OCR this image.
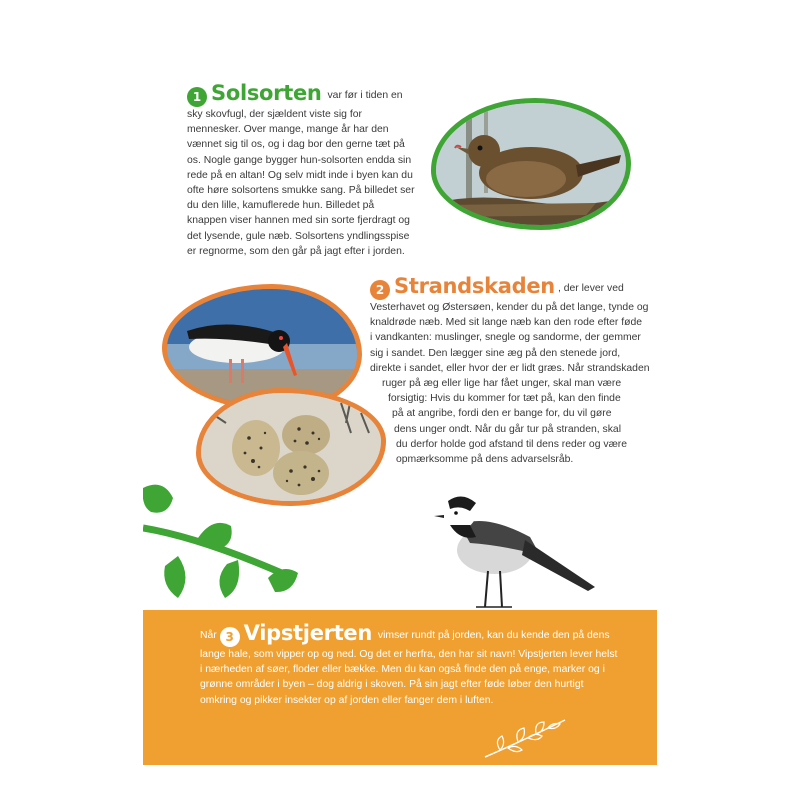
1 Solsorten var før i tiden en sky skovfugl, der sjældent viste sig for mennesker. Over mange, mange år har den vænnet sig til os, og i dag bor den gerne tæt på os. Nogle gange bygger hun-solsorten endda sin rede på en altan! Og selv midt inde i byen kan du ofte høre solsortens smukke sang. På billedet ser du den lille, kamuflerede hun. Billedet på knappen viser hannen med sin sorte fjerdragt og det lysende, gule næb. Solsortens yndlingsspise er regnorme, som den går på jagt efter i jorden.
2 Strandskaden , der lever ved
Vesterhavet og Østersøen, kender du på det lange, tynde og
knaldrøde næb. Med sit lange næb kan den rode efter føde
i vandkanten: muslinger, snegle og sandorme, der gemmer
sig i sandet. Den lægger sine æg på den stenede jord,
direkte i sandet, eller hvor der er lidt græs. Når strandskaden
ruger på æg eller lige har fået unger, skal man være
forsigtig: Hvis du kommer for tæt på, kan den finde
på at angribe, fordi den er bange for, du vil gøre
dens unger ondt. Når du går tur på stranden, skal
du derfor holde god afstand til dens reder og være
opmærksomme på dens advarselsråb.
Når 3 Vipstjerten vimser rundt på jorden, kan du kende den på dens lange hale, som vipper op og ned. Og det er herfra, den har sit navn! Vipstjerten lever helst i nærheden af søer, floder eller bække. Men du kan også finde den på enge, marker og i grønne områder i byen – dog aldrig i skoven. På sin jagt efter føde løber den hurtigt omkring og pikker insekter op af jorden eller fanger dem i luften.
